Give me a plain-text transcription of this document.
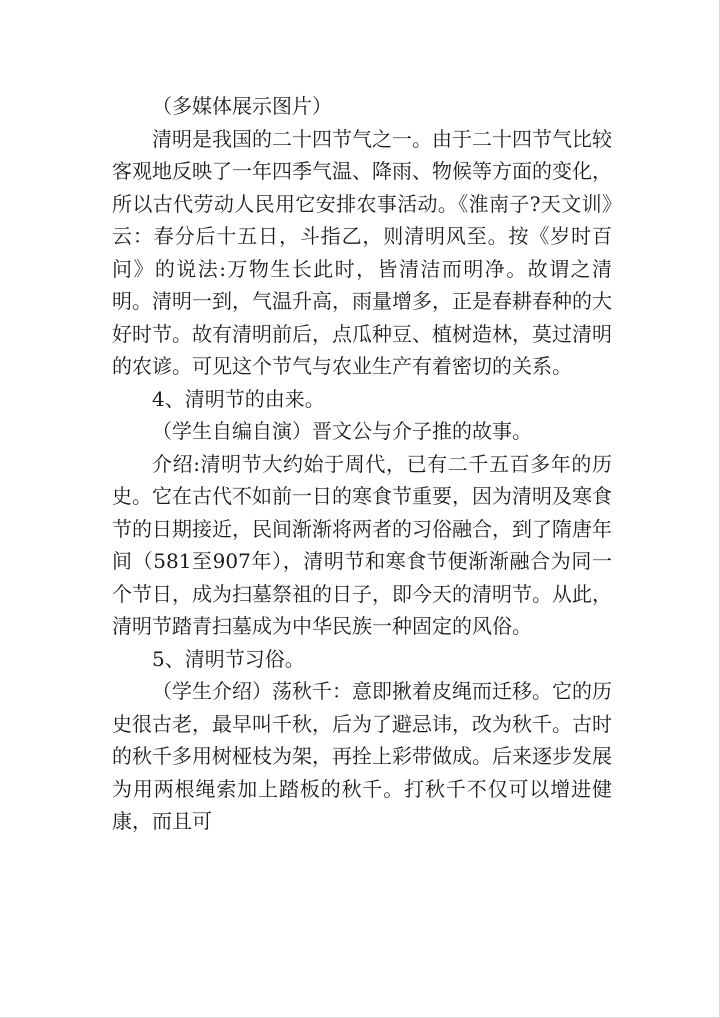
（多媒体展示图片）

清明是我国的二十四节气之一。由于二十四节气比较客观地反映了一年四季气温、降雨、物候等方面的变化，所以古代劳动人民用它安排农事活动。《淮南子?天文训》云：春分后十五日，斗指乙，则清明风至。按《岁时百问》的说法:万物生长此时，皆清洁而明净。故谓之清明。清明一到，气温升高，雨量增多，正是春耕春种的大好时节。故有清明前后，点瓜种豆、植树造林，莫过清明的农谚。可见这个节气与农业生产有着密切的关系。

4、清明节的由来。

（学生自编自演）晋文公与介子推的故事。

介绍:清明节大约始于周代，已有二千五百多年的历史。它在古代不如前一日的寒食节重要，因为清明及寒食节的日期接近，民间渐渐将两者的习俗融合，到了隋唐年间（581至907年），清明节和寒食节便渐渐融合为同一个节日，成为扫墓祭祖的日子，即今天的清明节。从此，清明节踏青扫墓成为中华民族一种固定的风俗。

5、清明节习俗。

（学生介绍）荡秋千：意即揪着皮绳而迁移。它的历史很古老，最早叫千秋，后为了避忌讳，改为秋千。古时的秋千多用树桠枝为架，再拴上彩带做成。后来逐步发展为用两根绳索加上踏板的秋千。打秋千不仅可以增进健康，而且可
